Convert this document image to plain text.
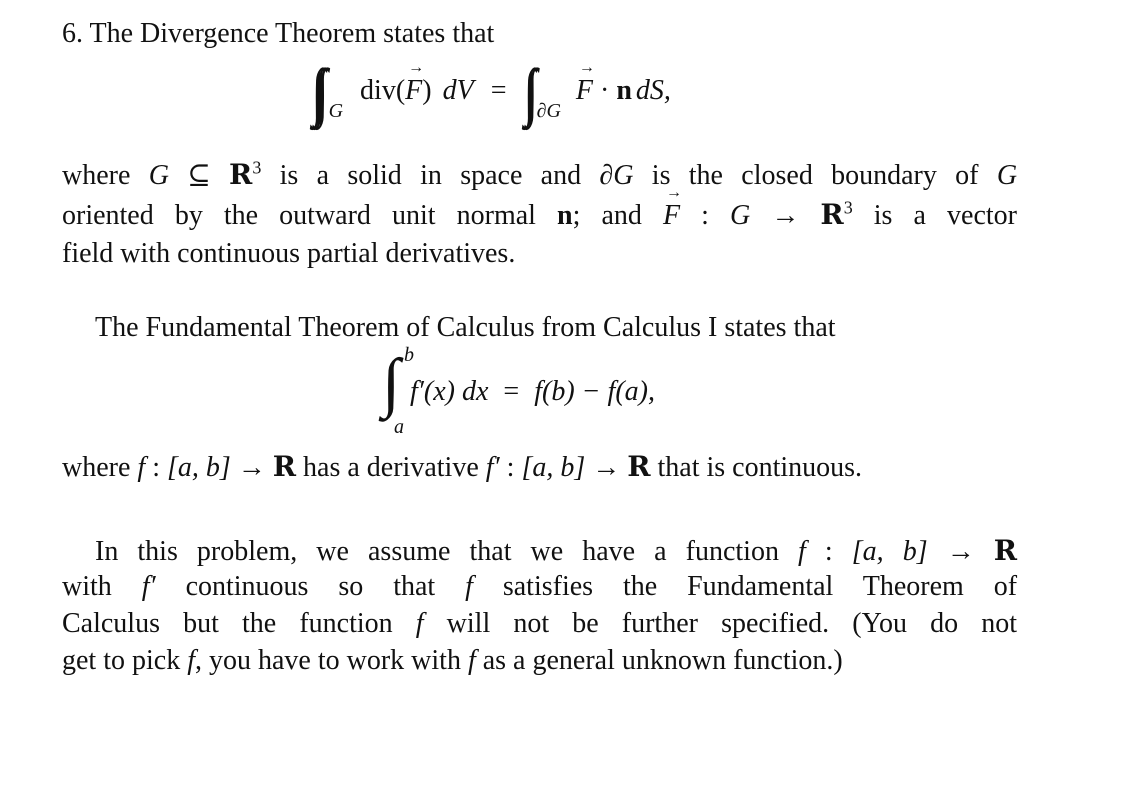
6. The Divergence Theorem states that
∫∫∫ $_G$ div(→ F) dV = ∫∫ $_{\partial G}$ → F · n dS,
where G ⊆ $R^3$ is a solid in space and ∂G is the closed boundary of G
oriented by the outward unit normal n; and → F : $G \to R^3$ is a vector
field with continuous partial derivatives.
The Fundamental Theorem of Calculus from Calculus I states that
∫ b
a
f′(x) dx = f(b) − f(a),
where f : [a, b] → R has a derivative f′ : [a, b] → R that is continuous.
In this problem, we assume that we have a function f : [a, b] → R
with f′ continuous so that f satisfies the Fundamental Theorem of
Calculus but the function f will not be further specified. (You do not
get to pick f, you have to work with f as a general unknown function.)
